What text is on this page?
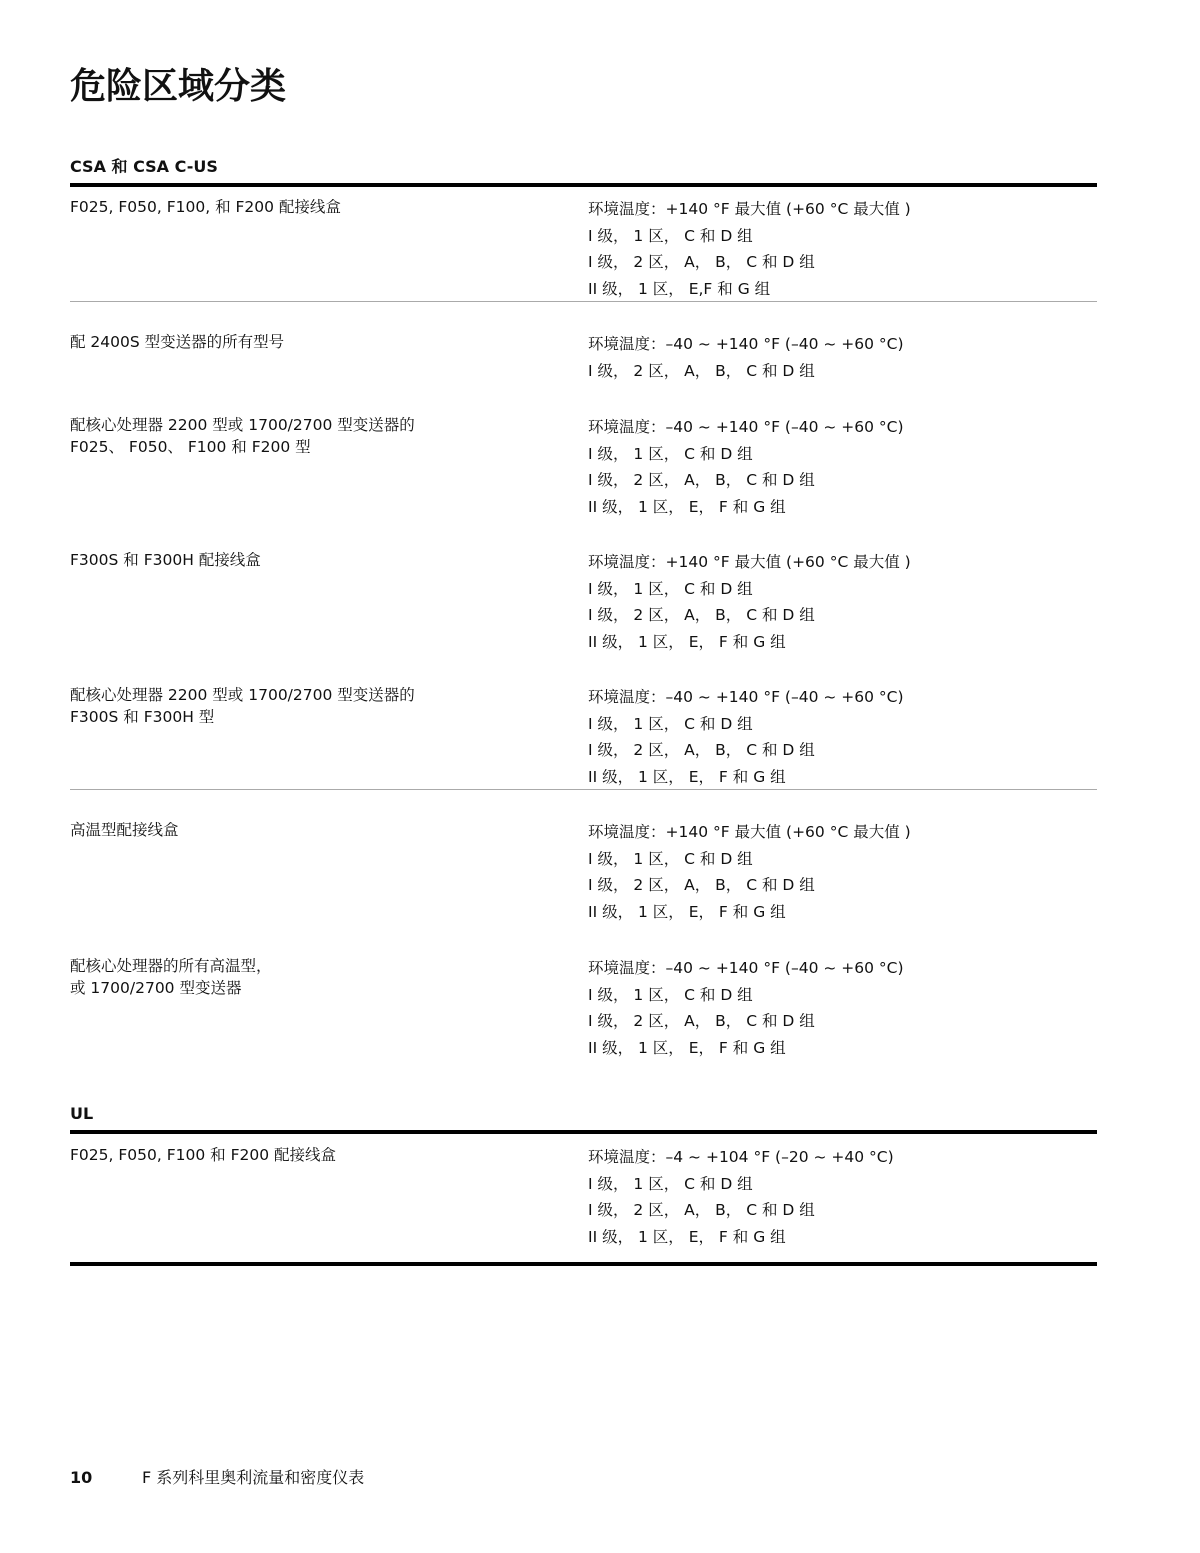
危险区域分类
CSA 和 CSA C-US
F025, F050, F100, 和 F200 配接线盒	环境温度：+140 °F 最大值 (+60 °C 最大值 )
I 级， 1 区， C 和 D 组
I 级， 2 区， A， B， C 和 D 组
II 级， 1 区， E,F 和 G 组
配 2400S 型变送器的所有型号	环境温度：–40 ~ +140 °F (–40 ~ +60 °C)
I 级， 2 区， A， B， C 和 D 组
配核心处理器 2200 型或 1700/2700 型变送器的
F025、 F050、 F100 和 F200 型
环境温度：–40 ~ +140 °F (–40 ~ +60 °C)
I 级， 1 区， C 和 D 组
I 级， 2 区， A， B， C 和 D 组
II 级， 1 区， E， F 和 G 组
F300S 和 F300H 配接线盒	环境温度：+140 °F 最大值 (+60 °C 最大值 )
I 级， 1 区， C 和 D 组
I 级， 2 区， A， B， C 和 D 组
II 级， 1 区， E， F 和 G 组
配核心处理器 2200 型或 1700/2700 型变送器的
F300S 和 F300H 型
环境温度：–40 ~ +140 °F (–40 ~ +60 °C)
I 级， 1 区， C 和 D 组
I 级， 2 区， A， B， C 和 D 组
II 级， 1 区， E， F 和 G 组
高温型配接线盒	环境温度：+140 °F 最大值 (+60 °C 最大值 )
I 级， 1 区， C 和 D 组
I 级， 2 区， A， B， C 和 D 组
II 级， 1 区， E， F 和 G 组
配核心处理器的所有高温型，
或 1700/2700 型变送器
环境温度：–40 ~ +140 °F (–40 ~ +60 °C)
I 级， 1 区， C 和 D 组
I 级， 2 区， A， B， C 和 D 组
II 级， 1 区， E， F 和 G 组
UL
F025, F050, F100 和 F200 配接线盒	环境温度：–4 ~ +104 °F (–20 ~ +40 °C)
I 级， 1 区， C 和 D 组
I 级， 2 区， A， B， C 和 D 组
II 级， 1 区， E， F 和 G 组
10	F 系列科里奥利流量和密度仪表
